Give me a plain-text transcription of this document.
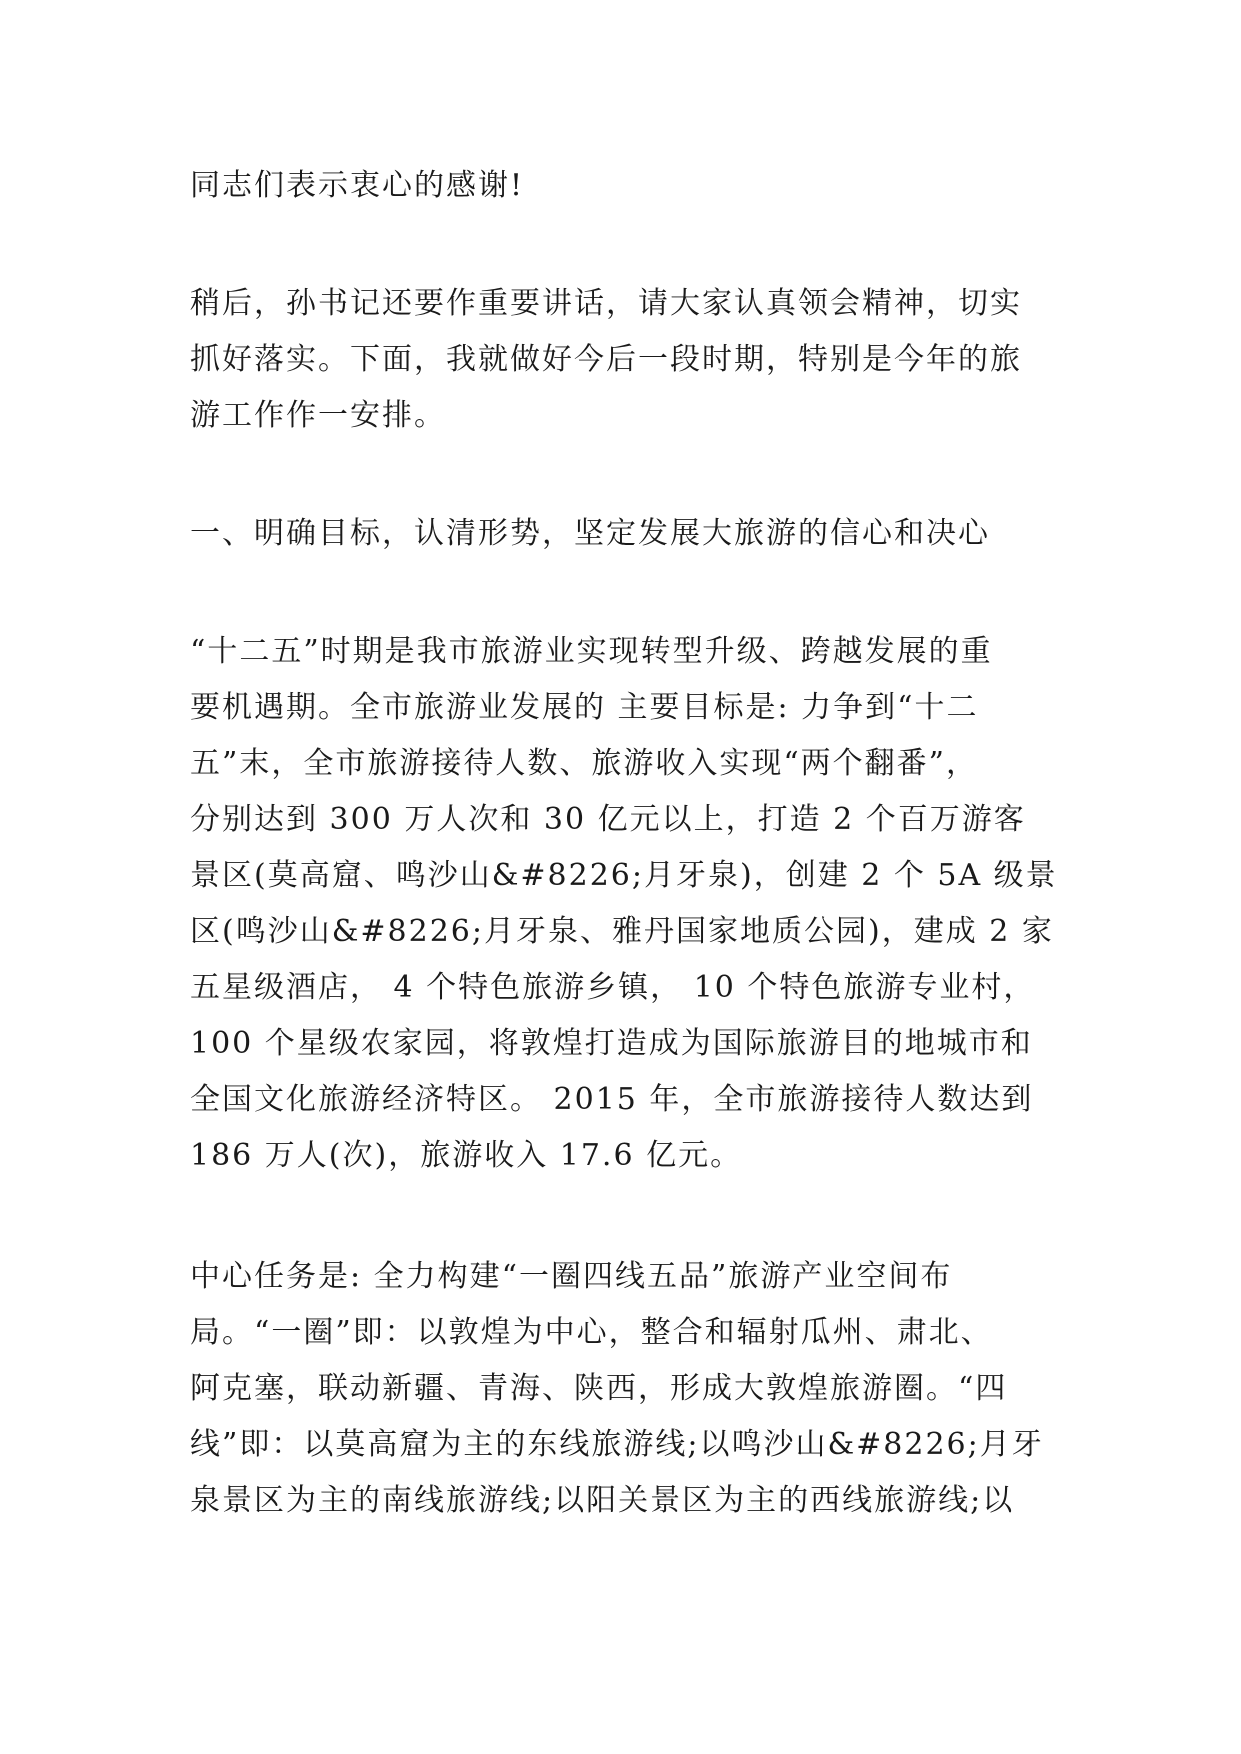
同志们表示衷心的感谢!

稍后，孙书记还要作重要讲话，请大家认真领会精神，切实
抓好落实。下面，我就做好今后一段时期，特别是今年的旅
游工作作一安排。

一、明确目标，认清形势，坚定发展大旅游的信心和决心

“十二五”时期是我市旅游业实现转型升级、跨越发展的重
要机遇期。全市旅游业发展的 主要目标是: 力争到“十二
五”末，全市旅游接待人数、旅游收入实现“两个翻番”，
分别达到 300 万人次和 30 亿元以上，打造 2 个百万游客
景区(莫高窟、鸣沙山&#8226;月牙泉)，创建 2 个 5A 级景
区(鸣沙山&#8226;月牙泉、雅丹国家地质公园)，建成 2 家
五星级酒店， 4 个特色旅游乡镇， 10 个特色旅游专业村，
100 个星级农家园，将敦煌打造成为国际旅游目的地城市和
全国文化旅游经济特区。 2015 年，全市旅游接待人数达到
186 万人(次)，旅游收入 17.6 亿元。

中心任务是: 全力构建“一圈四线五品”旅游产业空间布
局。“一圈”即：以敦煌为中心，整合和辐射瓜州、肃北、
阿克塞，联动新疆、青海、陕西，形成大敦煌旅游圈。“四
线”即：以莫高窟为主的东线旅游线;以鸣沙山&#8226;月牙
泉景区为主的南线旅游线;以阳关景区为主的西线旅游线;以
